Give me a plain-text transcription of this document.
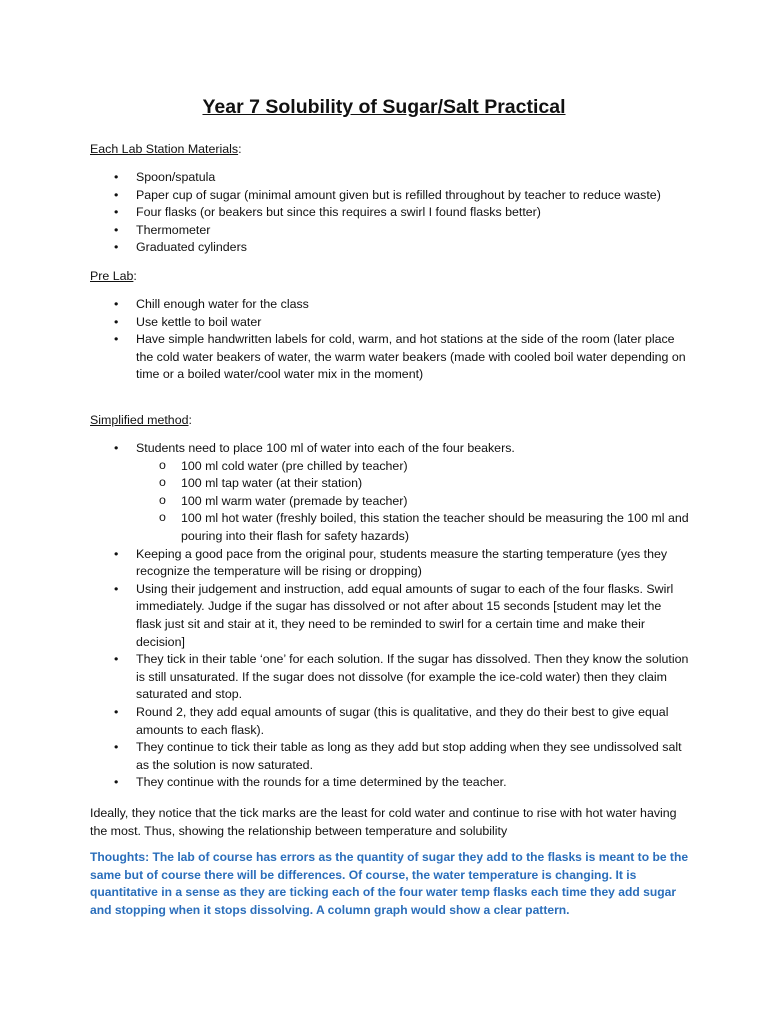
Year 7 Solubility of Sugar/Salt Practical
Each Lab Station Materials:
• Spoon/spatula
• Paper cup of sugar (minimal amount given but is refilled throughout by teacher to reduce waste)
• Four flasks (or beakers but since this requires a swirl I found flasks better)
• Thermometer
• Graduated cylinders
Pre Lab:
• Chill enough water for the class
• Use kettle to boil water
• Have simple handwritten labels for cold, warm, and hot stations at the side of the room (later place the cold water beakers of water, the warm water beakers (made with cooled boil water depending on time or a boiled water/cool water mix in the moment)
Simplified method:
• Students need to place 100 ml of water into each of the four beakers.
o 100 ml cold water (pre chilled by teacher)
o 100 ml tap water (at their station)
o 100 ml warm water (premade by teacher)
o 100 ml hot water (freshly boiled, this station the teacher should be measuring the 100 ml and pouring into their flash for safety hazards)
• Keeping a good pace from the original pour, students measure the starting temperature (yes they recognize the temperature will be rising or dropping)
• Using their judgement and instruction, add equal amounts of sugar to each of the four flasks. Swirl immediately. Judge if the sugar has dissolved or not after about 15 seconds [student may let the flask just sit and stair at it, they need to be reminded to swirl for a certain time and make their decision]
• They tick in their table ‘one’ for each solution. If the sugar has dissolved. Then they know the solution is still unsaturated. If the sugar does not dissolve (for example the ice-cold water) then they claim saturated and stop.
• Round 2, they add equal amounts of sugar (this is qualitative, and they do their best to give equal amounts to each flask).
• They continue to tick their table as long as they add but stop adding when they see undissolved salt as the solution is now saturated.
• They continue with the rounds for a time determined by the teacher.

Ideally, they notice that the tick marks are the least for cold water and continue to rise with hot water having the most. Thus, showing the relationship between temperature and solubility

Thoughts: The lab of course has errors as the quantity of sugar they add to the flasks is meant to be the same but of course there will be differences. Of course, the water temperature is changing. It is quantitative in a sense as they are ticking each of the four water temp flasks each time they add sugar and stopping when it stops dissolving. A column graph would show a clear pattern.
